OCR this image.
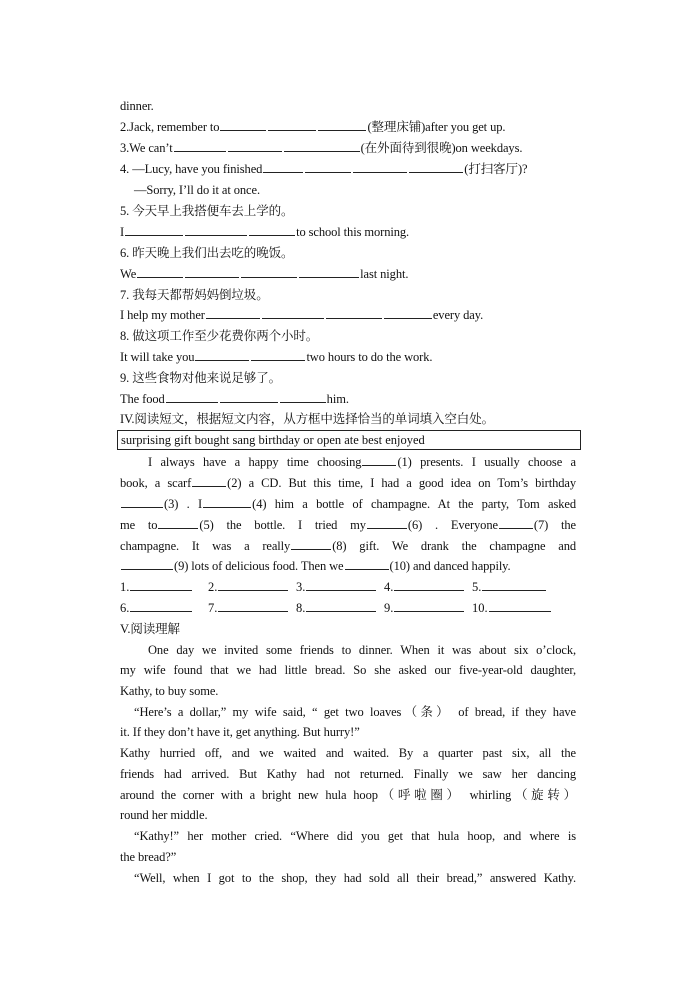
dinner.
2.Jack, remember to	(整理床铺)after you get up.
3.We can’t	(在外面待到很晚)on weekdays.
4. —Lucy, have you finished	(打扫客厅)?
—Sorry, I’ll do it at once.
5. 今天早上我搭便车去上学的。
I	to school this morning.
6. 昨天晚上我们出去吃的晚饭。
We	last night.
7. 我每天都帮妈妈倒垃圾。
I help my mother	every day.
8. 做这项工作至少花费你两个小时。
It will take you	two hours to do the work.
9. 这些食物对他来说足够了。
The food	him.
IV.阅读短文，根据短文内容，从方框中选择恰当的单词填入空白处。
surprising gift bought sang birthday or open ate best enjoyed
I always have a happy time choosing	(1) presents. I usually choose a
book, a scarf	(2) a CD. But this time, I had a good idea on Tom’s birthday
(3) . I	(4) him a bottle of champagne. At the party, Tom asked
me to	(5) the bottle. I tried my	(6) . Everyone	(7) the
champagne. It was a really	(8) gift. We drank the champagne and
(9) lots of delicious food. Then we	(10) and danced happily.
1.	2.	3.	4.	5.
6.	7.	8.	9.	10.
V.阅读理解
One day we invited some friends to dinner. When it was about six o’clock,
my wife found that we had little bread. So she asked our five-year-old daughter,
Kathy, to buy some.
“Here’s a dollar,” my wife said, “ get two loaves（条） of bread, if they have
it. If they don’t have it, get anything. But hurry!”
Kathy hurried off, and we waited and waited. By a quarter past six, all the
friends had arrived. But Kathy had not returned. Finally we saw her dancing
around the corner with a bright new hula hoop（呼啦圈） whirling（旋转）
round her middle.
“Kathy!” her mother cried. “Where did you get that hula hoop, and where is
the bread?”
“Well, when I got to the shop, they had sold all their bread,” answered Kathy.
